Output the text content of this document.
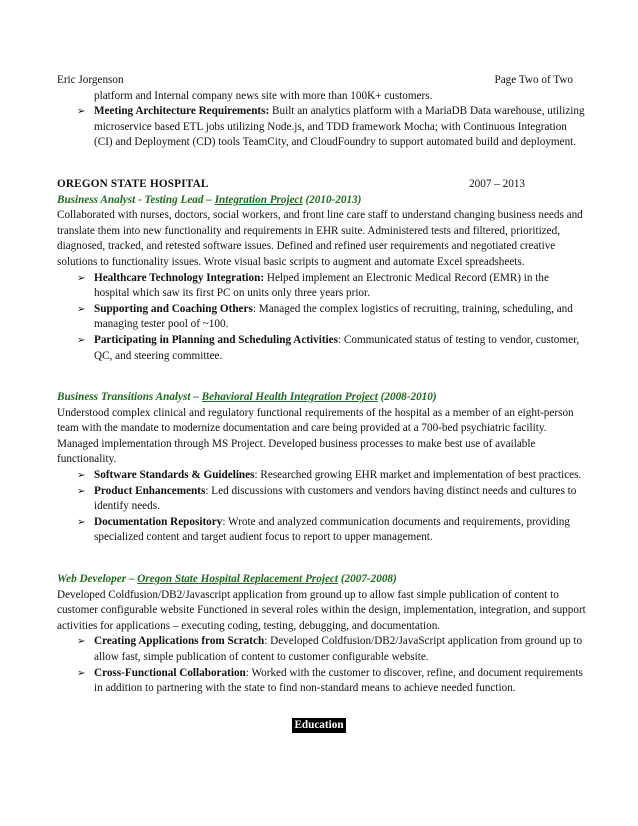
Eric Jorgenson	Page Two of Two
platform and Internal company news site with more than 100K+ customers.
➢ Meeting Architecture Requirements: Built an analytics platform with a MariaDB Data warehouse, utilizing microservice based ETL jobs utilizing Node.js, and TDD framework Mocha; with Continuous Integration (CI) and Deployment (CD) tools TeamCity, and CloudFoundry to support automated build and deployment.
OREGON STATE HOSPITAL	2007 – 2013
Business Analyst - Testing Lead – Integration Project (2010-2013)
Collaborated with nurses, doctors, social workers, and front line care staff to understand changing business needs and translate them into new functionality and requirements in EHR suite. Administered tests and filtered, prioritized, diagnosed, tracked, and retested software issues. Defined and refined user requirements and negotiated creative solutions to functionality issues. Wrote visual basic scripts to augment and automate Excel spreadsheets.
➢ Healthcare Technology Integration: Helped implement an Electronic Medical Record (EMR) in the hospital which saw its first PC on units only three years prior.
➢ Supporting and Coaching Others: Managed the complex logistics of recruiting, training, scheduling, and managing tester pool of ~100.
➢ Participating in Planning and Scheduling Activities: Communicated status of testing to vendor, customer, QC, and steering committee.
Business Transitions Analyst – Behavioral Health Integration Project (2008-2010)
Understood complex clinical and regulatory functional requirements of the hospital as a member of an eight-person team with the mandate to modernize documentation and care being provided at a 700-bed psychiatric facility. Managed implementation through MS Project. Developed business processes to make best use of available functionality.
➢ Software Standards & Guidelines: Researched growing EHR market and implementation of best practices.
➢ Product Enhancements: Led discussions with customers and vendors having distinct needs and cultures to identify needs.
➢ Documentation Repository: Wrote and analyzed communication documents and requirements, providing specialized content and target audient focus to report to upper management.
Web Developer – Oregon State Hospital Replacement Project (2007-2008)
Developed Coldfusion/DB2/Javascript application from ground up to allow fast simple publication of content to customer configurable website Functioned in several roles within the design, implementation, integration, and support activities for applications – executing coding, testing, debugging, and documentation.
➢ Creating Applications from Scratch: Developed Coldfusion/DB2/JavaScript application from ground up to allow fast, simple publication of content to customer configurable website.
➢ Cross-Functional Collaboration: Worked with the customer to discover, refine, and document requirements in addition to partnering with the state to find non-standard means to achieve needed function.
Education
